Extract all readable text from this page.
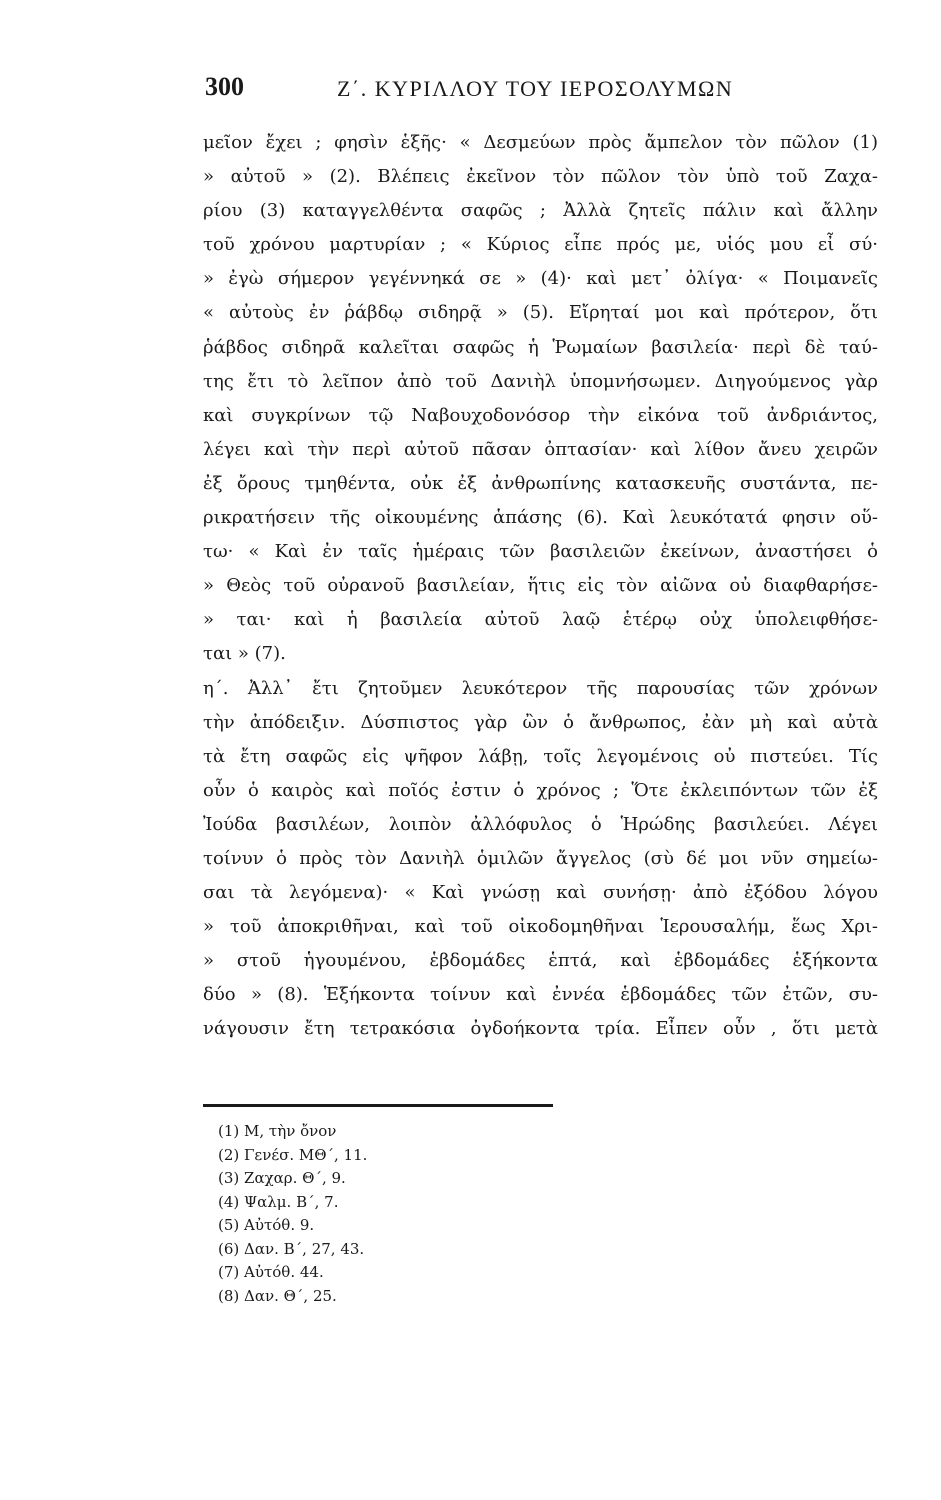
300	Ζ΄. ΚΥΡΙΛΛΟΥ ΤΟΥ ΙΕΡΟΣΟΛΥΜΩΝ
μεῖον ἔχει ; φησὶν ἑξῆς· « Δεσμεύων πρὸς ἄμπελον τὸν πῶλον (1)
» αὐτοῦ » (2). Βλέπεις ἐκεῖνον τὸν πῶλον τὸν ὑπὸ τοῦ Ζαχα-
ρίου (3) καταγγελθέντα σαφῶς ; Ἀλλὰ ζητεῖς πάλιν καὶ ἄλλην
τοῦ χρόνου μαρτυρίαν ; « Κύριος εἶπε πρός με, υἱός μου εἶ σύ·
» ἐγὼ σήμερον γεγέννηκά σε » (4)· καὶ μετ᾽ ὀλίγα· « Ποιμανεῖς
« αὐτοὺς ἐν ῥάβδῳ σιδηρᾷ » (5). Εἴρηταί μοι καὶ πρότερον, ὅτι
ῥάβδος σιδηρᾶ καλεῖται σαφῶς ἡ Ῥωμαίων βασιλεία· περὶ δὲ ταύ-
της ἔτι τὸ λεῖπον ἀπὸ τοῦ Δανιὴλ ὑπομνήσωμεν. Διηγούμενος γὰρ
καὶ συγκρίνων τῷ Ναβουχοδονόσορ τὴν εἰκόνα τοῦ ἀνδριάντος,
λέγει καὶ τὴν περὶ αὐτοῦ πᾶσαν ὀπτασίαν· καὶ λίθον ἄνευ χειρῶν
ἐξ ὄρους τμηθέντα, οὐκ ἐξ ἀνθρωπίνης κατασκευῆς συστάντα, πε-
ρικρατήσειν τῆς οἰκουμένης ἁπάσης (6). Καὶ λευκότατά φησιν οὕ-
τω· « Καὶ ἐν ταῖς ἡμέραις τῶν βασιλειῶν ἐκείνων, ἀναστήσει ὁ
» Θεὸς τοῦ οὐρανοῦ βασιλείαν, ἥτις εἰς τὸν αἰῶνα οὐ διαφθαρήσε-
» ται· καὶ ἡ βασιλεία αὐτοῦ λαῷ ἑτέρῳ οὐχ ὑπολειφθήσε-
ται » (7).
η΄. Ἀλλ᾽ ἔτι ζητοῦμεν λευκότερον τῆς παρουσίας τῶν χρόνων
τὴν ἀπόδειξιν. Δύσπιστος γὰρ ὢν ὁ ἄνθρωπος, ἐὰν μὴ καὶ αὐτὰ
τὰ ἔτη σαφῶς εἰς ψῆφον λάβῃ, τοῖς λεγομένοις οὐ πιστεύει. Τίς
οὖν ὁ καιρὸς καὶ ποῖός ἐστιν ὁ χρόνος ; Ὅτε ἐκλειπόντων τῶν ἐξ
Ἰούδα βασιλέων, λοιπὸν ἀλλόφυλος ὁ Ἡρώδης βασιλεύει. Λέγει
τοίνυν ὁ πρὸς τὸν Δανιὴλ ὁμιλῶν ἄγγελος (σὺ δέ μοι νῦν σημείω-
σαι τὰ λεγόμενα)· « Καὶ γνώσῃ καὶ συνήσῃ· ἀπὸ ἐξόδου λόγου
» τοῦ ἀποκριθῆναι, καὶ τοῦ οἰκοδομηθῆναι Ἱερουσαλήμ, ἕως Χρι-
» στοῦ ἡγουμένου, ἑβδομάδες ἑπτά, καὶ ἑβδομάδες ἑξήκοντα
δύο » (8). Ἑξήκοντα τοίνυν καὶ ἐννέα ἑβδομάδες τῶν ἐτῶν, συ-
νάγουσιν ἔτη τετρακόσια ὀγδοήκοντα τρία. Εἶπεν οὖν , ὅτι μετὰ
(1) Μ, τὴν ὄνον
(2) Γενέσ. ΜΘ΄, 11.
(3) Ζαχαρ. Θ΄, 9.
(4) Ψαλμ. Β΄, 7.
(5) Αὐτόθ. 9.
(6) Δαν. Β΄, 27, 43.
(7) Αὐτόθ. 44.
(8) Δαν. Θ΄, 25.
